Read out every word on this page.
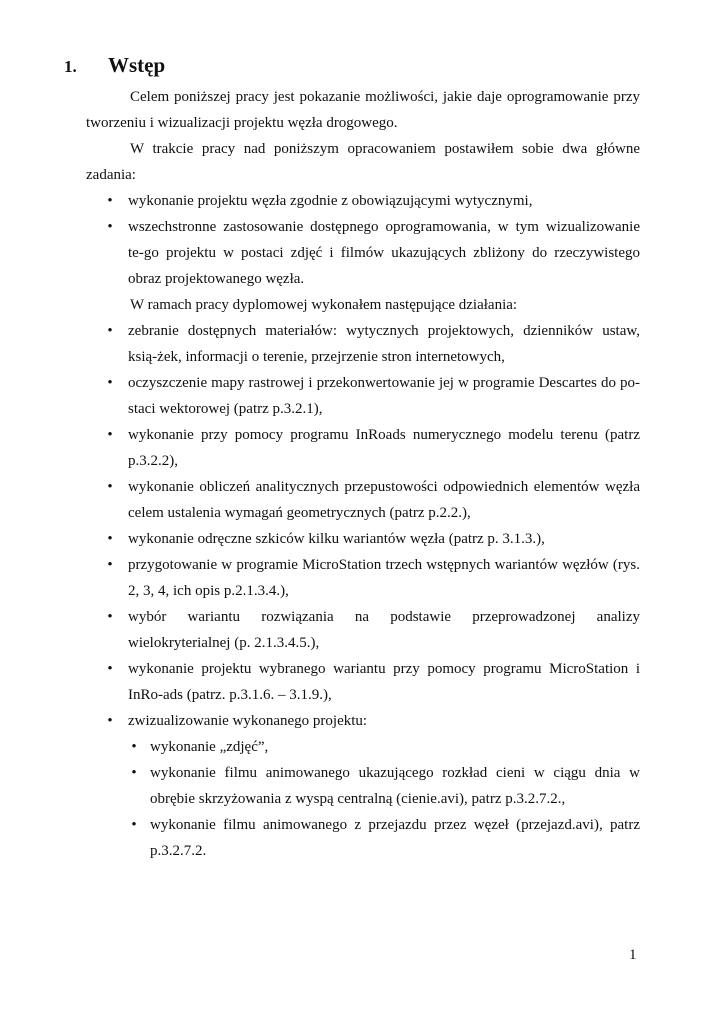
1.	Wstęp

Celem poniższej pracy jest pokazanie możliwości, jakie daje oprogramowanie przy tworzeniu i wizualizacji projektu węzła drogowego.

W trakcie pracy nad poniższym opracowaniem postawiłem sobie dwa główne zadania:

• wykonanie projektu węzła zgodnie z obowiązującymi wytycznymi,
• wszechstronne zastosowanie dostępnego oprogramowania, w tym wizualizowanie te-go projektu w postaci zdjęć i filmów ukazujących zbliżony do rzeczywistego obraz projektowanego węzła.

W ramach pracy dyplomowej wykonałem następujące działania:

• zebranie dostępnych materiałów: wytycznych projektowych, dzienników ustaw, ksią-żek, informacji o terenie, przejrzenie stron internetowych,
• oczyszczenie mapy rastrowej i przekonwertowanie jej w programie Descartes do po-staci wektorowej (patrz p.3.2.1),
• wykonanie przy pomocy programu InRoads numerycznego modelu terenu (patrz p.3.2.2),
• wykonanie obliczeń analitycznych przepustowości odpowiednich elementów węzła celem ustalenia wymagań geometrycznych (patrz p.2.2.),
• wykonanie odręczne szkiców kilku wariantów węzła (patrz p. 3.1.3.),
• przygotowanie w programie MicroStation trzech wstępnych wariantów węzłów (rys. 2, 3, 4, ich opis p.2.1.3.4.),
• wybór wariantu rozwiązania na podstawie przeprowadzonej analizy wielokryterialnej (p. 2.1.3.4.5.),
• wykonanie projektu wybranego wariantu przy pomocy programu MicroStation i InRo-ads (patrz. p.3.1.6. – 3.1.9.),
• zwizualizowanie wykonanego projektu:
• wykonanie „zdjęć”,
• wykonanie filmu animowanego ukazującego rozkład cieni w ciągu dnia w obrębie skrzyżowania z wyspą centralną (cienie.avi), patrz p.3.2.7.2.,
• wykonanie filmu animowanego z przejazdu przez węzeł (przejazd.avi), patrz p.3.2.7.2.
1
